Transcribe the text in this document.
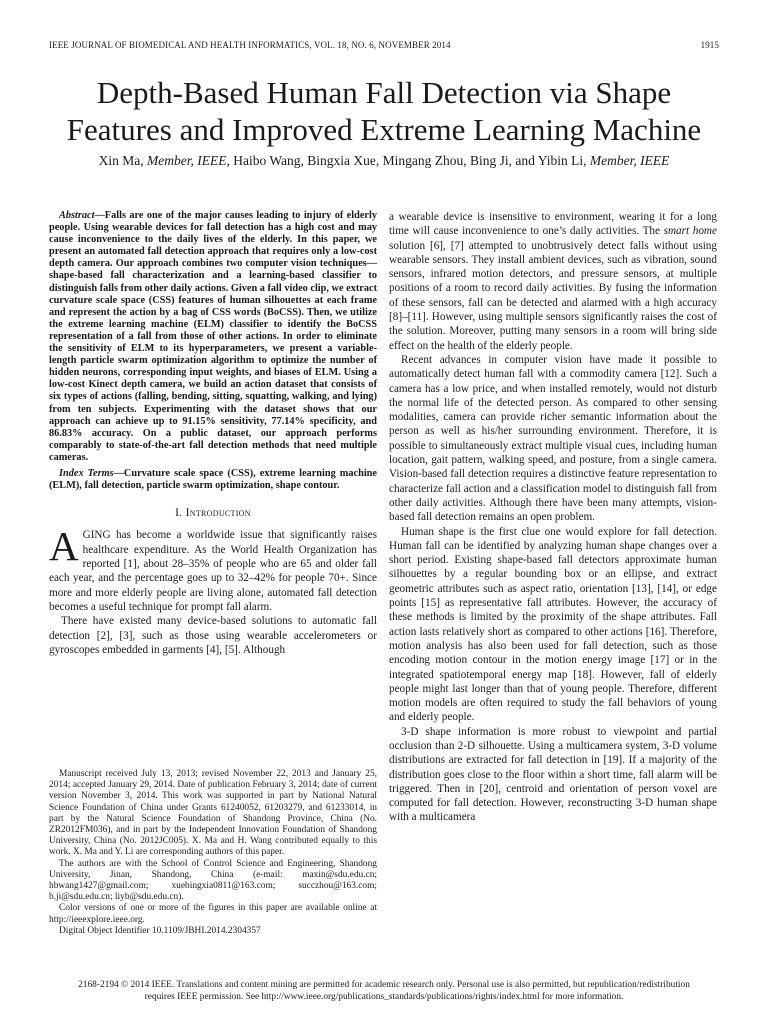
IEEE JOURNAL OF BIOMEDICAL AND HEALTH INFORMATICS, VOL. 18, NO. 6, NOVEMBER 2014	1915
Depth-Based Human Fall Detection via Shape
Features and Improved Extreme Learning Machine
Xin Ma, Member, IEEE, Haibo Wang, Bingxia Xue, Mingang Zhou, Bing Ji, and Yibin Li, Member, IEEE

Abstract—Falls are one of the major causes leading to injury of elderly people. Using wearable devices for fall detection has a high cost and may cause inconvenience to the daily lives of the elderly. In this paper, we present an automated fall detection approach that requires only a low-cost depth camera. Our approach combines two computer vision techniques—shape-based fall characterization and a learning-based classifier to distinguish falls from other daily actions. Given a fall video clip, we extract curvature scale space (CSS) features of human silhouettes at each frame and represent the action by a bag of CSS words (BoCSS). Then, we utilize the extreme learning machine (ELM) classifier to identify the BoCSS representation of a fall from those of other actions. In order to eliminate the sensitivity of ELM to its hyperparameters, we present a variable-length particle swarm optimization algorithm to optimize the number of hidden neurons, corresponding input weights, and biases of ELM. Using a low-cost Kinect depth camera, we build an action dataset that consists of six types of actions (falling, bending, sitting, squatting, walking, and lying) from ten subjects. Experimenting with the dataset shows that our approach can achieve up to 91.15% sensitivity, 77.14% specificity, and 86.83% accuracy. On a public dataset, our approach performs comparably to state-of-the-art fall detection methods that need multiple cameras.

Index Terms—Curvature scale space (CSS), extreme learning machine (ELM), fall detection, particle swarm optimization, shape contour.

I. Introduction

AGING has become a worldwide issue that significantly raises healthcare expenditure. As the World Health Organization has reported [1], about 28–35% of people who are 65 and older fall each year, and the percentage goes up to 32–42% for people 70+. Since more and more elderly people are living alone, automated fall detection becomes a useful technique for prompt fall alarm.

There have existed many device-based solutions to automatic fall detection [2], [3], such as those using wearable accelerometers or gyroscopes embedded in garments [4], [5]. Although

Manuscript received July 13, 2013; revised November 22, 2013 and January 25, 2014; accepted January 29, 2014. Date of publication February 3, 2014; date of current version November 3, 2014. This work was supported in part by National Natural Science Foundation of China under Grants 61240052, 61203279, and 61233014, in part by the Natural Science Foundation of Shandong Province, China (No. ZR2012FM036), and in part by the Independent Innovation Foundation of Shandong University, China (No. 2012JC005). X. Ma and H. Wang contributed equally to this work. X. Ma and Y. Li are corresponding authors of this paper.

The authors are with the School of Control Science and Engineering, Shandong University, Jinan, Shandong, China (e-mail: maxin@sdu.edu.cn; hbwang1427@gmail.com; xuebingxia0811@163.com; succzhou@163.com; b.ji@sdu.edu.cn; liyb@sdu.edu.cn).

Color versions of one or more of the figures in this paper are available online at http://ieeexplore.ieee.org.

Digital Object Identifier 10.1109/JBHI.2014.2304357

a wearable device is insensitive to environment, wearing it for a long time will cause inconvenience to one’s daily activities. The smart home solution [6], [7] attempted to unobtrusively detect falls without using wearable sensors. They install ambient devices, such as vibration, sound sensors, infrared motion detectors, and pressure sensors, at multiple positions of a room to record daily activities. By fusing the information of these sensors, fall can be detected and alarmed with a high accuracy [8]–[11]. However, using multiple sensors significantly raises the cost of the solution. Moreover, putting many sensors in a room will bring side effect on the health of the elderly people.

Recent advances in computer vision have made it possible to automatically detect human fall with a commodity camera [12]. Such a camera has a low price, and when installed remotely, would not disturb the normal life of the detected person. As compared to other sensing modalities, camera can provide richer semantic information about the person as well as his/her surrounding environment. Therefore, it is possible to simultaneously extract multiple visual cues, including human location, gait pattern, walking speed, and posture, from a single camera. Vision-based fall detection requires a distinctive feature representation to characterize fall action and a classification model to distinguish fall from other daily activities. Although there have been many attempts, vision-based fall detection remains an open problem.

Human shape is the first clue one would explore for fall detection. Human fall can be identified by analyzing human shape changes over a short period. Existing shape-based fall detectors approximate human silhouettes by a regular bounding box or an ellipse, and extract geometric attributes such as aspect ratio, orientation [13], [14], or edge points [15] as representative fall attributes. However, the accuracy of these methods is limited by the proximity of the shape attributes. Fall action lasts relatively short as compared to other actions [16]. Therefore, motion analysis has also been used for fall detection, such as those encoding motion contour in the motion energy image [17] or in the integrated spatiotemporal energy map [18]. However, fall of elderly people might last longer than that of young people. Therefore, different motion models are often required to study the fall behaviors of young and elderly people.

3-D shape information is more robust to viewpoint and partial occlusion than 2-D silhouette. Using a multicamera system, 3-D volume distributions are extracted for fall detection in [19]. If a majority of the distribution goes close to the floor within a short time, fall alarm will be triggered. Then in [20], centroid and orientation of person voxel are computed for fall detection. However, reconstructing 3-D human shape with a multicamera

2168-2194 © 2014 IEEE. Translations and content mining are permitted for academic research only. Personal use is also permitted, but republication/redistribution
requires IEEE permission. See http://www.ieee.org/publications_standards/publications/rights/index.html for more information.
